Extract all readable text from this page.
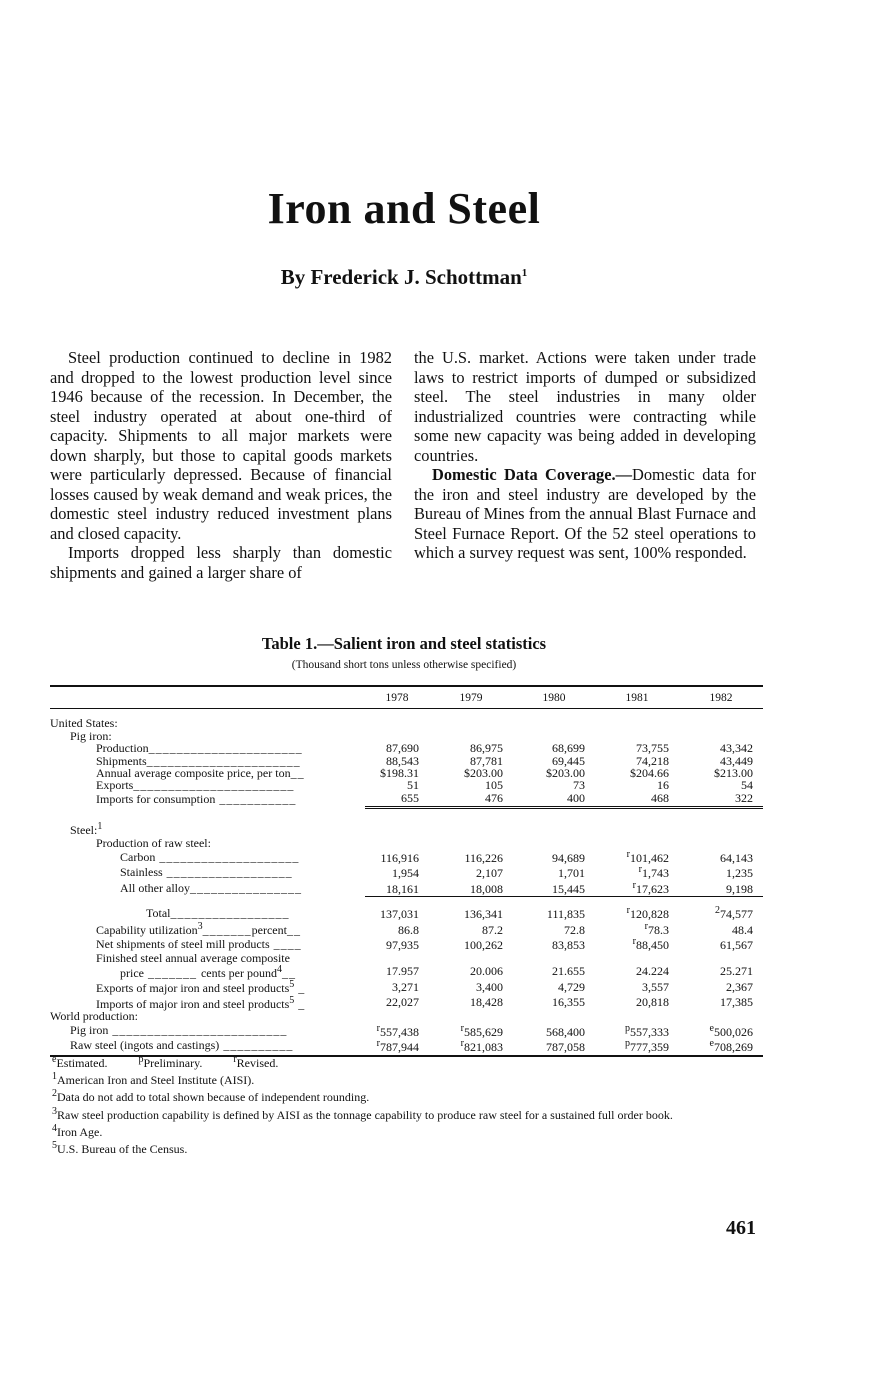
Iron and Steel
By Frederick J. Schottman$^1$

Steel production continued to decline in 1982 and dropped to the lowest production level since 1946 because of the recession. In December, the steel industry operated at about one-third of capacity. Shipments to all major markets were down sharply, but those to capital goods markets were particularly depressed. Because of financial losses caused by weak demand and weak prices, the domestic steel industry reduced investment plans and closed capacity.

Imports dropped less sharply than domestic shipments and gained a larger share of

the U.S. market. Actions were taken under trade laws to restrict imports of dumped or subsidized steel. The steel industries in many older industrialized countries were contracting while some new capacity was being added in developing countries.

Domestic Data Coverage.—Domestic data for the iron and steel industry are developed by the Bureau of Mines from the annual Blast Furnace and Steel Furnace Report. Of the 52 steel operations to which a survey request was sent, 100% responded.

Table 1.—Salient iron and steel statistics
(Thousand short tons unless otherwise specified)
	1978	1979	1980	1981	1982

United States:					
Pig iron:					
Production______________________	87,690	86,975	68,699	73,755	43,342
Shipments______________________	88,543	87,781	69,445	74,218	43,449
Annual average composite price, per ton__	$198.31	$203.00	$203.00	$204.66	$213.00
Exports_______________________	51	105	73	16	54
Imports for consumption ___________	655	476	400	468	322

Steel:$^1$	
Production of raw steel:					
Carbon ____________________	116,916	116,226	94,689	$^r$101,462	64,143
Stainless __________________	1,954	2,107	1,701	$^r$1,743	1,235
All other alloy________________	18,161	18,008	15,445	$^r$17,623	9,198

Total_________________	137,031	136,341	111,835	$^r$120,828	$^2$74,577
Capability utilization$^3$_______percent__	86.8	87.2	72.8	$^r$78.3	48.4
Net shipments of steel mill products ____	97,935	100,262	83,853	$^r$88,450	61,567
Finished steel annual average composite					
price _______ cents per pound$^4$__	17.957	20.006	21.655	24.224	25.271
Exports of major iron and steel products$^5$ _	3,271	3,400	4,729	3,557	2,367
Imports of major iron and steel products$^5$ _	22,027	18,428	16,355	20,818	17,385
World production:					
Pig iron _________________________	$^r$557,438	$^r$585,629	568,400	$^p$557,333	$^e$500,026
Raw steel (ingots and castings) __________	$^r$787,944	$^r$821,083	787,058	$^p$777,359	$^e$708,269
$^e$Estimated.	$^p$Preliminary.	$^r$Revised.
$^1$American Iron and Steel Institute (AISI).
$^2$Data do not add to total shown because of independent rounding.
$^3$Raw steel production capability is defined by AISI as the tonnage capability to produce raw steel for a sustained full order book.
$^4$Iron Age.
$^5$U.S. Bureau of the Census.
461
